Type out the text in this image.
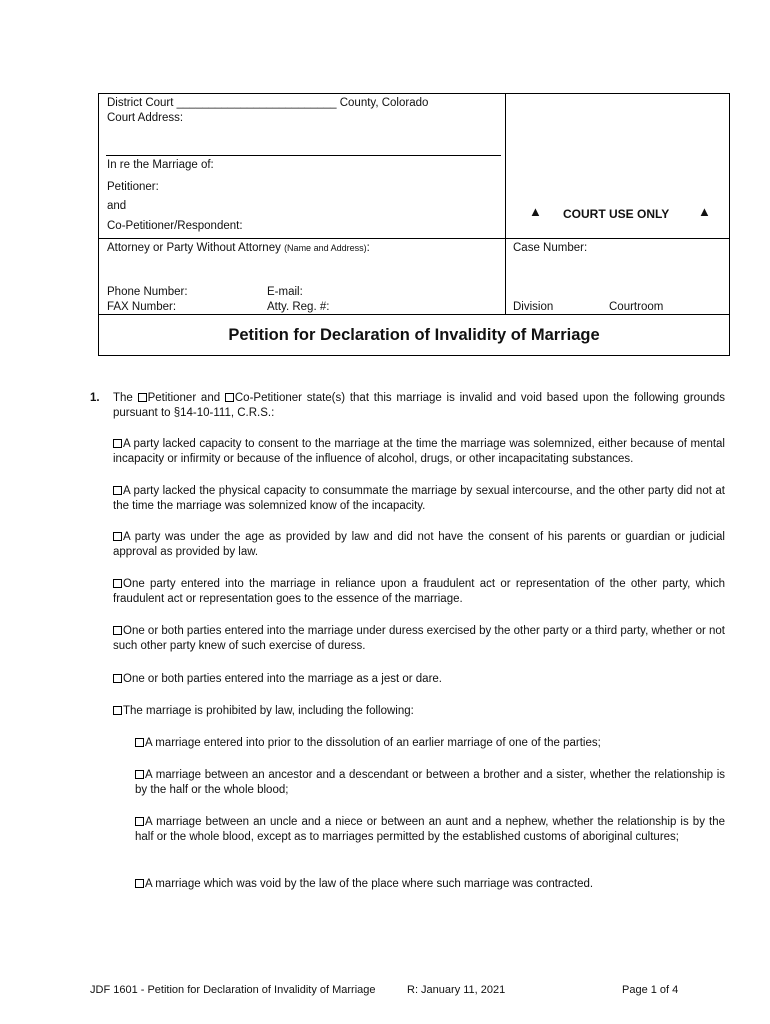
District Court _________________________ County, Colorado
Court Address:
In re the Marriage of:
Petitioner:
and
Co-Petitioner/Respondent:
▲ COURT USE ONLY ▲
Attorney or Party Without Attorney (Name and Address):	Case Number:
Phone Number:	E-mail:
FAX Number:	Atty. Reg. #:	Division	Courtroom
Petition for Declaration of Invalidity of Marriage
1. The Petitioner and Co-Petitioner state(s) that this marriage is invalid and void based upon the following grounds pursuant to §14-10-111, C.R.S.:
A party lacked capacity to consent to the marriage at the time the marriage was solemnized, either because of mental incapacity or infirmity or because of the influence of alcohol, drugs, or other incapacitating substances.
A party lacked the physical capacity to consummate the marriage by sexual intercourse, and the other party did not at the time the marriage was solemnized know of the incapacity.
A party was under the age as provided by law and did not have the consent of his parents or guardian or judicial approval as provided by law.
One party entered into the marriage in reliance upon a fraudulent act or representation of the other party, which fraudulent act or representation goes to the essence of the marriage.
One or both parties entered into the marriage under duress exercised by the other party or a third party, whether or not such other party knew of such exercise of duress.
One or both parties entered into the marriage as a jest or dare.
The marriage is prohibited by law, including the following:
A marriage entered into prior to the dissolution of an earlier marriage of one of the parties;
A marriage between an ancestor and a descendant or between a brother and a sister, whether the relationship is by the half or the whole blood;
A marriage between an uncle and a niece or between an aunt and a nephew, whether the relationship is by the half or the whole blood, except as to marriages permitted by the established customs of aboriginal cultures;
A marriage which was void by the law of the place where such marriage was contracted.
JDF 1601 - Petition for Declaration of Invalidity of Marriage	R: January 11, 2021	Page 1 of 4
